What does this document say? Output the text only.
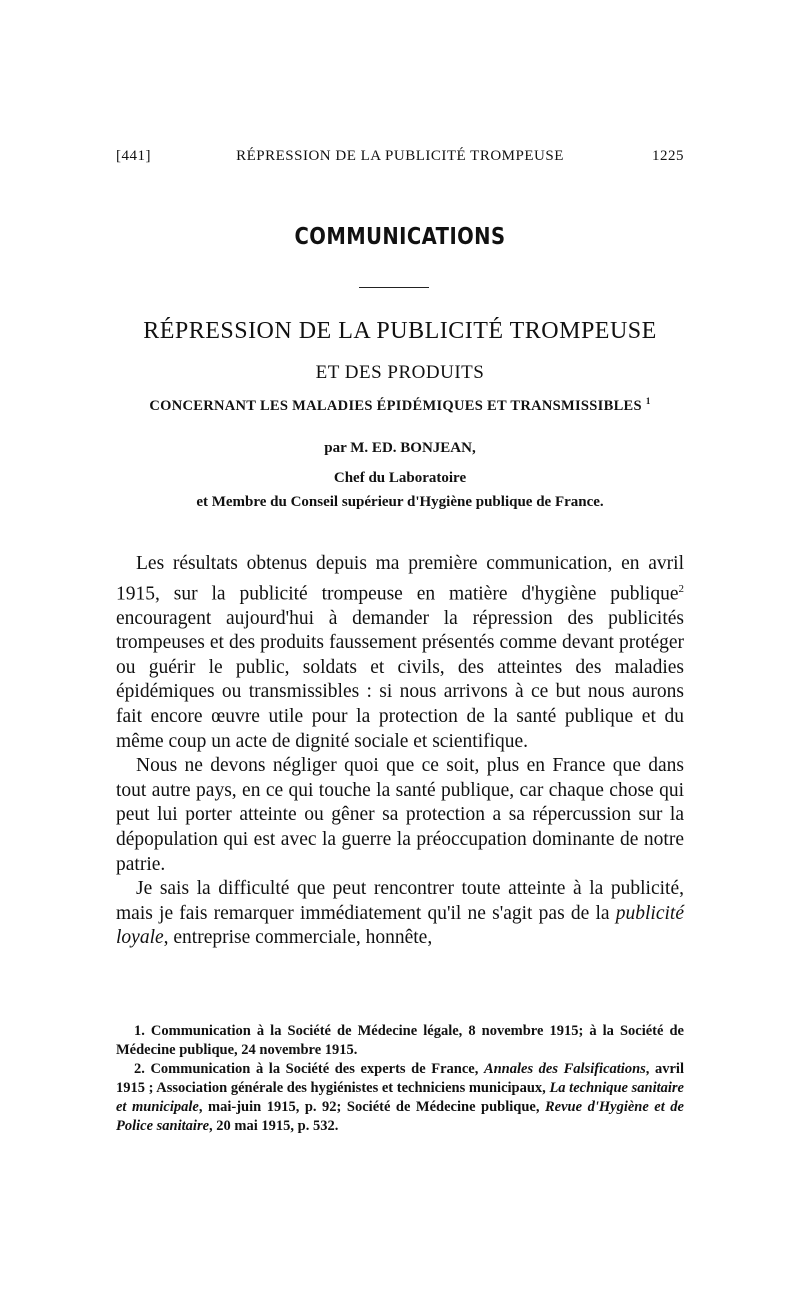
RÉPRESSION DE LA PUBLICITÉ TROMPEUSE
[441]	1225
COMMUNICATIONS
RÉPRESSION DE LA PUBLICITÉ TROMPEUSE
ET DES PRODUITS
CONCERNANT LES MALADIES ÉPIDÉMIQUES ET TRANSMISSIBLES $^1$
par M. ED. BONJEAN,
Chef du Laboratoire
et Membre du Conseil supérieur d'Hygiène publique de France.

Les résultats obtenus depuis ma première communication, en avril 1915, sur la publicité trompeuse en matière d'hygiène publique$^2$ encouragent aujourd'hui à demander la répression des publicités trompeuses et des produits faussement présentés comme devant protéger ou guérir le public, soldats et civils, des atteintes des maladies épidémiques ou transmissibles : si nous arrivons à ce but nous aurons fait encore œuvre utile pour la protection de la santé publique et du même coup un acte de dignité sociale et scientifique.

Nous ne devons négliger quoi que ce soit, plus en France que dans tout autre pays, en ce qui touche la santé publique, car chaque chose qui peut lui porter atteinte ou gêner sa protection a sa répercussion sur la dépopulation qui est avec la guerre la préoccupation dominante de notre patrie.

Je sais la difficulté que peut rencontrer toute atteinte à la publicité, mais je fais remarquer immédiatement qu'il ne s'agit pas de la publicité loyale, entreprise commerciale, honnête,

1. Communication à la Société de Médecine légale, 8 novembre 1915; à la Société de Médecine publique, 24 novembre 1915.

2. Communication à la Société des experts de France, Annales des Falsifications, avril 1915 ; Association générale des hygiénistes et techniciens municipaux, La technique sanitaire et municipale, mai-juin 1915, p. 92; Société de Médecine publique, Revue d'Hygiène et de Police sanitaire, 20 mai 1915, p. 532.
